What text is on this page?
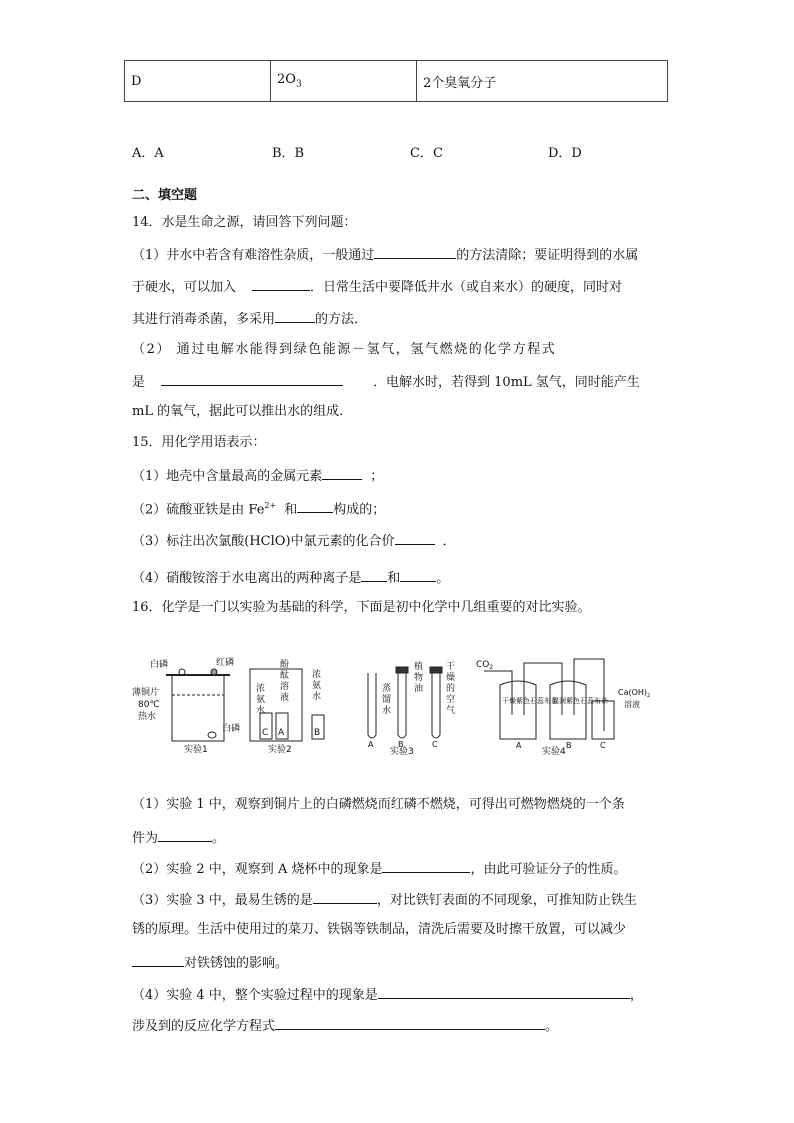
D	$2O_3$	2个臭氧分子
A．A	B．B	C．C	D．D
二、填空题
14．水是生命之源，请回答下列问题：
（1）井水中若含有难溶性杂质，一般通过	的方法清除；要证明得到的水属
于硬水，可以加入	．日常生活中要降低井水（或自来水）的硬度，同时对
其进行消毒杀菌，多采用	的方法．
（2） 通过电解水能得到绿色能源－氢气，氢气燃烧的化学方程式
是	．电解水时，若得到 10mL 氢气，同时能产生
mL 的氧气，据此可以推出水的组成．
15．用化学用语表示：
（1）地壳中含量最高的金属元素	；
（2）硫酸亚铁是由 $Fe^{2+}$ 和	构成的；
（3）标注出次氯酸(HClO)中氯元素的化合价	．
（4）硝酸铵溶于水电离出的两种离子是 和	。
16．化学是一门以实验为基础的科学，下面是初中化学中几组重要的对比实验。
白磷	红磷
薄铜片
80℃
热水
白磷
实验1
酚
酞
溶
液
浓
氨
水
浓
氨
水
C A	B
实验2
蒸
馏
水
植
物
油
干
燥
的
空
气
A	B	C
实验3
$CO_2$
干燥紫色石蕊布条
湿润紫色石蕊布条
$Ca(OH)_2$
溶液
A	B	C
实验4
（1）实验 1 中，观察到铜片上的白磷燃烧而红磷不燃烧，可得出可燃物燃烧的一个条
件为	。
（2）实验 2 中，观察到 A 烧杯中的现象是	，由此可验证分子的性质。
（3）实验 3 中，最易生锈的是	，对比铁钉表面的不同现象，可推知防止铁生
锈的原理。生活中使用过的菜刀、铁锅等铁制品，清洗后需要及时擦干放置，可以减少
对铁锈蚀的影响。
（4）实验 4 中，整个实验过程中的现象是	，
涉及到的反应化学方程式	。
